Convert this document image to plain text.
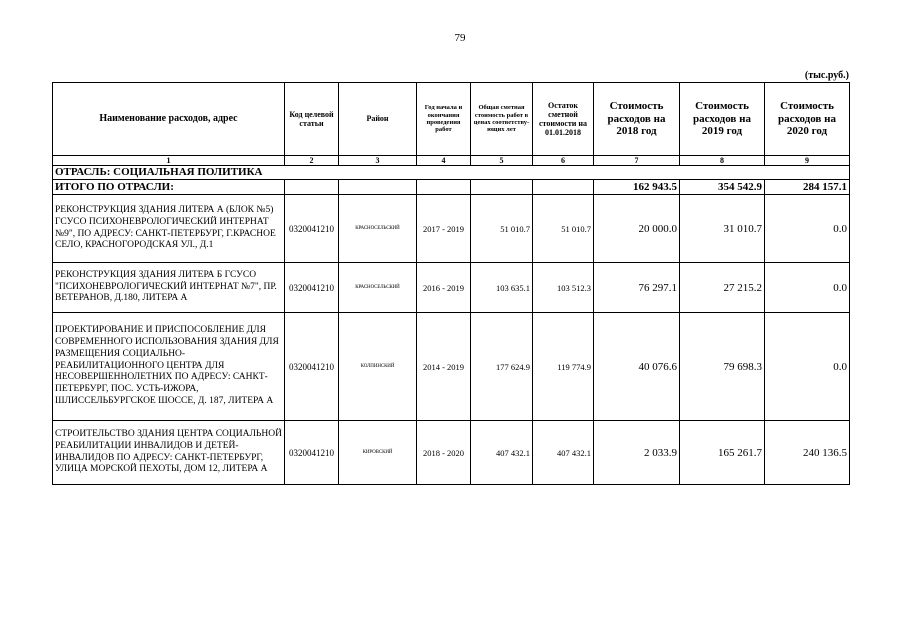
79
(тыс.руб.)
Наименование расходов, адрес	Код целевой статьи	Район	Год начала и окончания проведения работ	Общая сметная стоимость работ в ценах соответству-ющих лет	Остаток сметной стоимости на 01.01.2018	Стоимость расходов на 2018 год	Стоимость расходов на 2019 год	Стоимость расходов на 2020 год
1	2	3	4	5	6	7	8	9
ОТРАСЛЬ: СОЦИАЛЬНАЯ ПОЛИТИКА								
ИТОГО ПО ОТРАСЛИ:						162 943.5	354 542.9	284 157.1
РЕКОНСТРУКЦИЯ ЗДАНИЯ ЛИТЕРА А (БЛОК №5) ГСУСО ПСИХОНЕВРОЛОГИЧЕСКИЙ ИНТЕРНАТ №9", ПО АДРЕСУ: САНКТ-ПЕТЕРБУРГ, Г.КРАСНОЕ СЕЛО, КРАСНОГОРОДСКАЯ УЛ., Д.1	0320041210	КРАСНОСЕЛЬСКИЙ	2017 - 2019	51 010.7	51 010.7	20 000.0	31 010.7	0.0
РЕКОНСТРУКЦИЯ ЗДАНИЯ ЛИТЕРА Б ГСУСО "ПСИХОНЕВРОЛОГИЧЕСКИЙ ИНТЕРНАТ №7", ПР. ВЕТЕРАНОВ, Д.180, ЛИТЕРА А	0320041210	КРАСНОСЕЛЬСКИЙ	2016 - 2019	103 635.1	103 512.3	76 297.1	27 215.2	0.0
ПРОЕКТИРОВАНИЕ И ПРИСПОСОБЛЕНИЕ ДЛЯ СОВРЕМЕННОГО ИСПОЛЬЗОВАНИЯ ЗДАНИЯ ДЛЯ РАЗМЕЩЕНИЯ СОЦИАЛЬНО-РЕАБИЛИТАЦИОННОГО ЦЕНТРА ДЛЯ НЕСОВЕРШЕННОЛЕТНИХ ПО АДРЕСУ: САНКТ-ПЕТЕРБУРГ, ПОС. УСТЬ-ИЖОРА, ШЛИССЕЛЬБУРГСКОЕ ШОССЕ, Д. 187, ЛИТЕРА А	0320041210	КОЛПИНСКИЙ	2014 - 2019	177 624.9	119 774.9	40 076.6	79 698.3	0.0
СТРОИТЕЛЬСТВО ЗДАНИЯ ЦЕНТРА СОЦИАЛЬНОЙ РЕАБИЛИТАЦИИ ИНВАЛИДОВ И ДЕТЕЙ-ИНВАЛИДОВ ПО АДРЕСУ: САНКТ-ПЕТЕРБУРГ, УЛИЦА МОРСКОЙ ПЕХОТЫ, ДОМ 12, ЛИТЕРА А	0320041210	КИРОВСКИЙ	2018 - 2020	407 432.1	407 432.1	2 033.9	165 261.7	240 136.5
